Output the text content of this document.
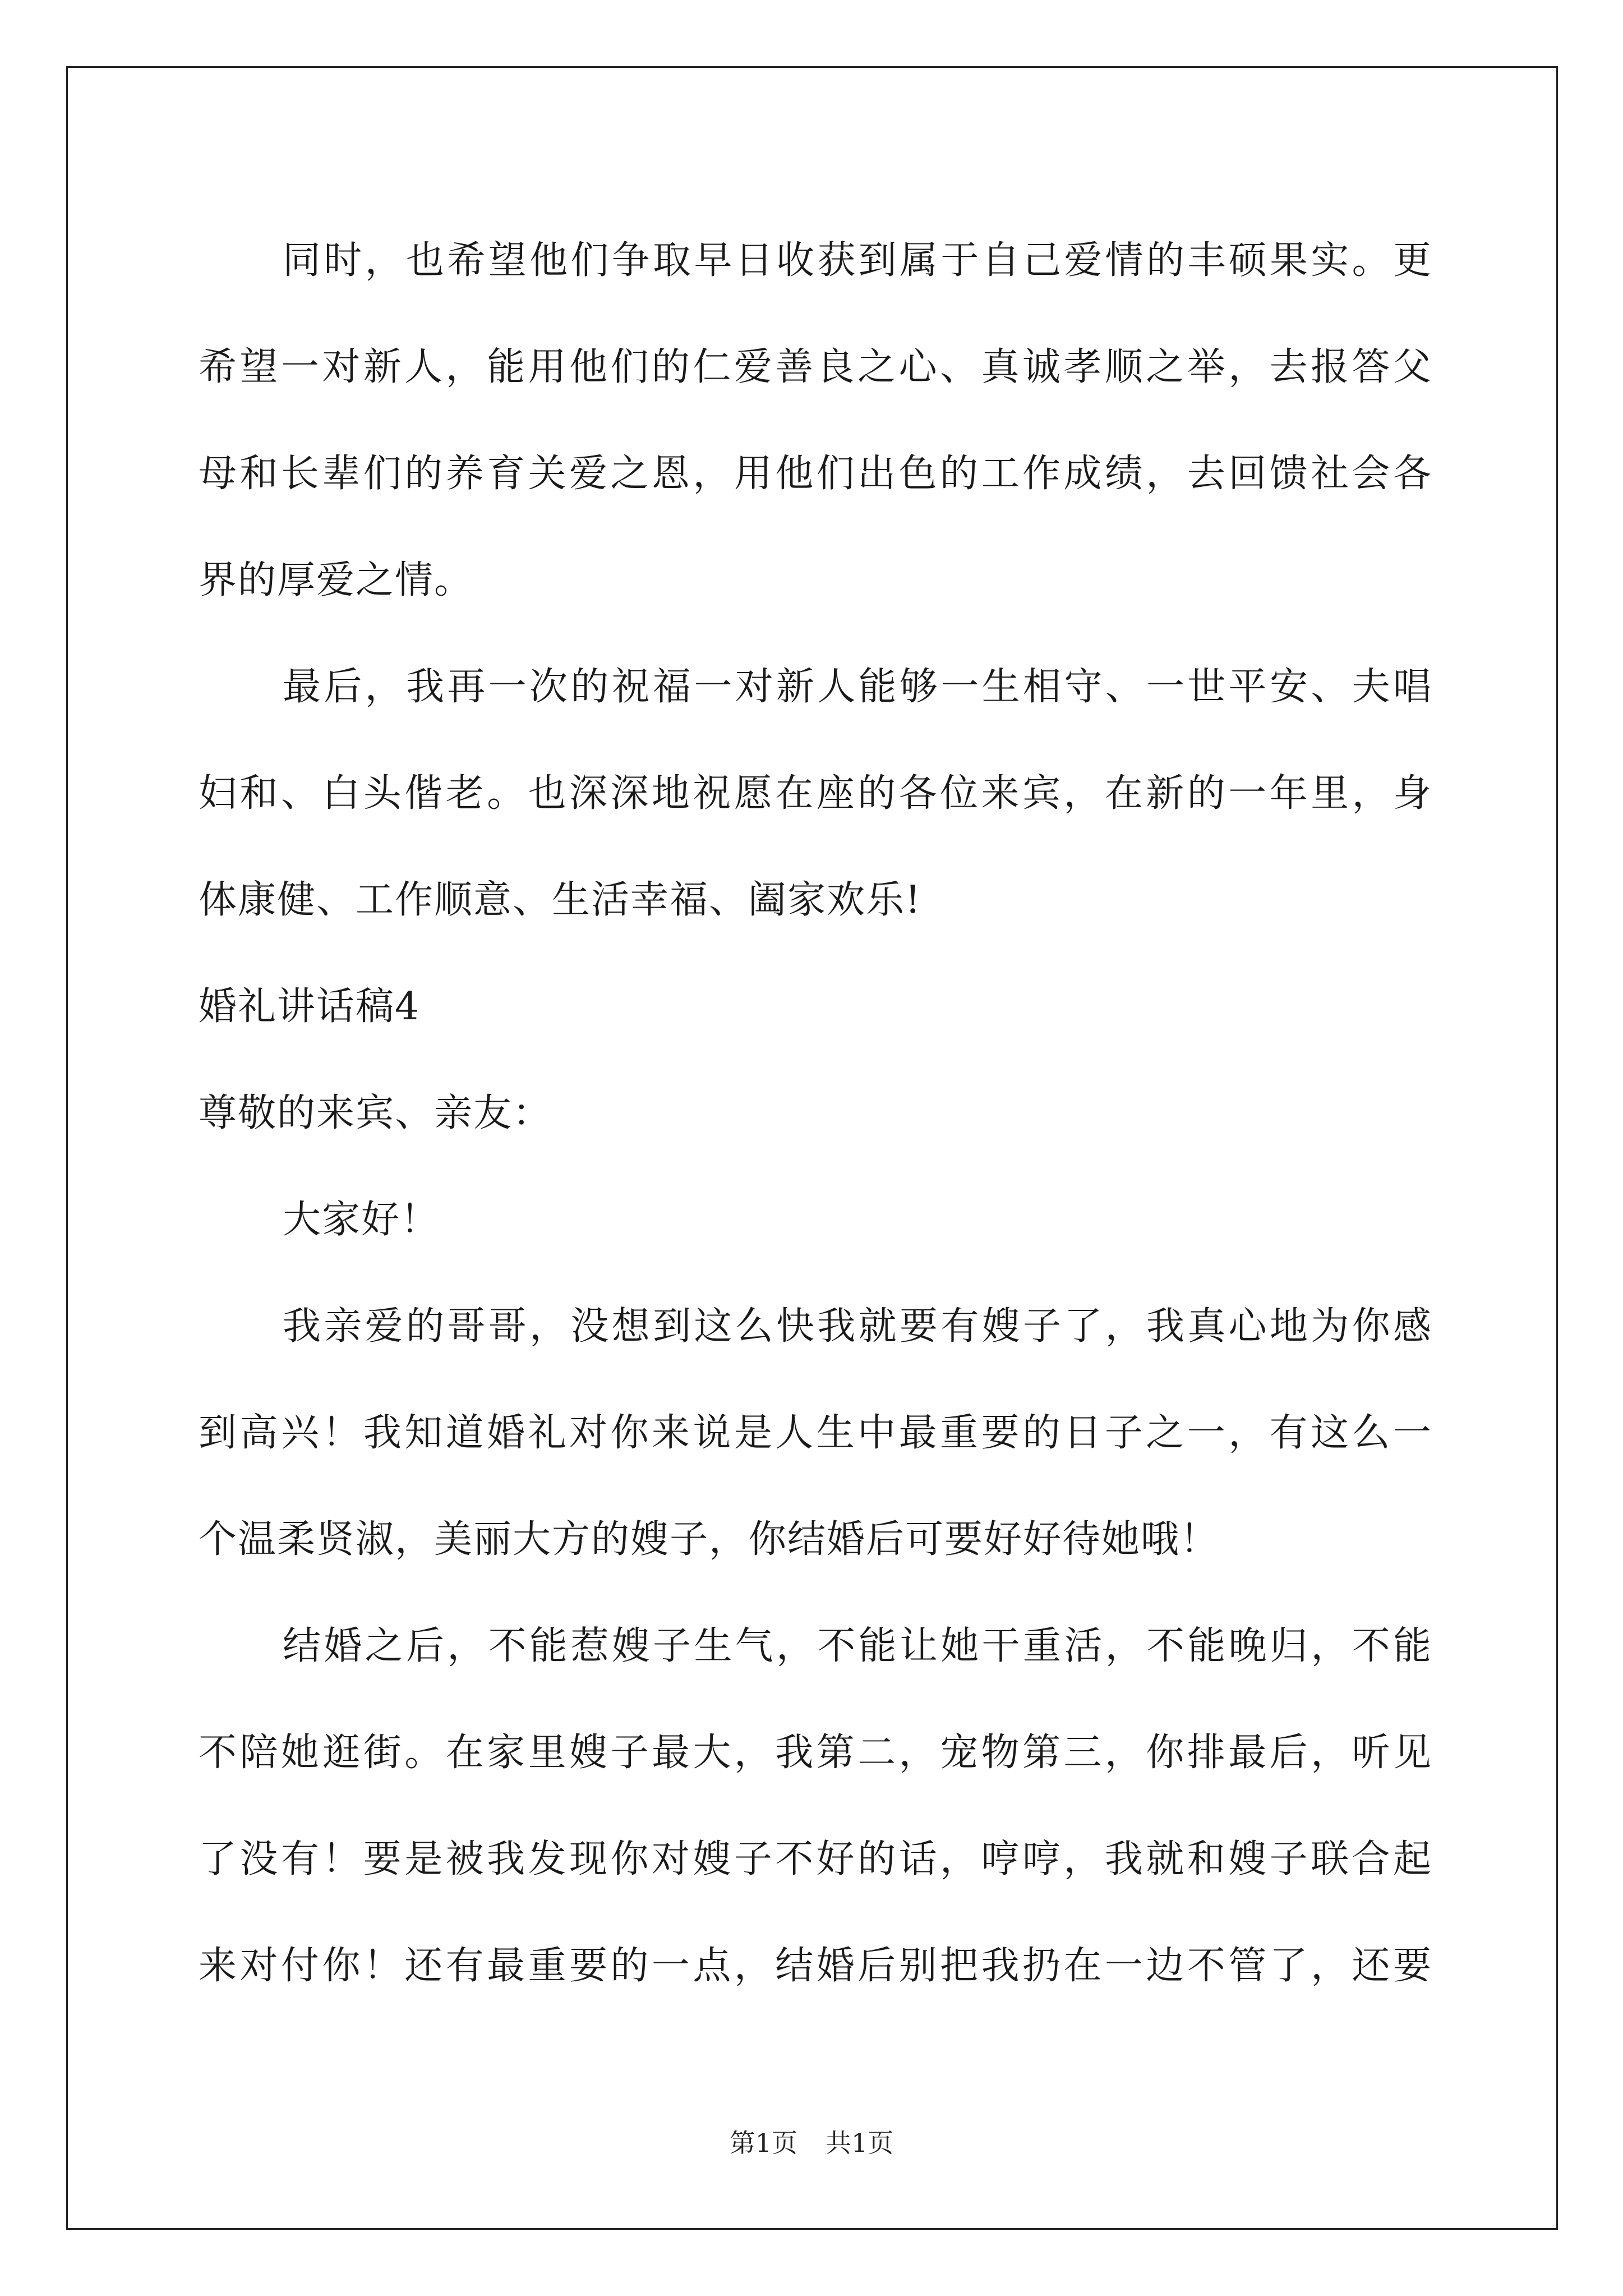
同时，也希望他们争取早日收获到属于自己爱情的丰硕果实。更
希望一对新人，能用他们的仁爱善良之心、真诚孝顺之举，去报答父
母和长辈们的养育关爱之恩，用他们出色的工作成绩，去回馈社会各
界的厚爱之情。
最后，我再一次的祝福一对新人能够一生相守、一世平安、夫唱
妇和、白头偕老。也深深地祝愿在座的各位来宾，在新的一年里，身
体康健、工作顺意、生活幸福、阖家欢乐!
婚礼讲话稿4
尊敬的来宾、亲友：
大家好！
我亲爱的哥哥，没想到这么快我就要有嫂子了，我真心地为你感
到高兴！我知道婚礼对你来说是人生中最重要的日子之一，有这么一
个温柔贤淑，美丽大方的嫂子，你结婚后可要好好待她哦！
结婚之后，不能惹嫂子生气，不能让她干重活，不能晚归，不能
不陪她逛街。在家里嫂子最大，我第二，宠物第三，你排最后，听见
了没有！要是被我发现你对嫂子不好的话，哼哼，我就和嫂子联合起
来对付你！还有最重要的一点，结婚后别把我扔在一边不管了，还要
第1页 共1页
